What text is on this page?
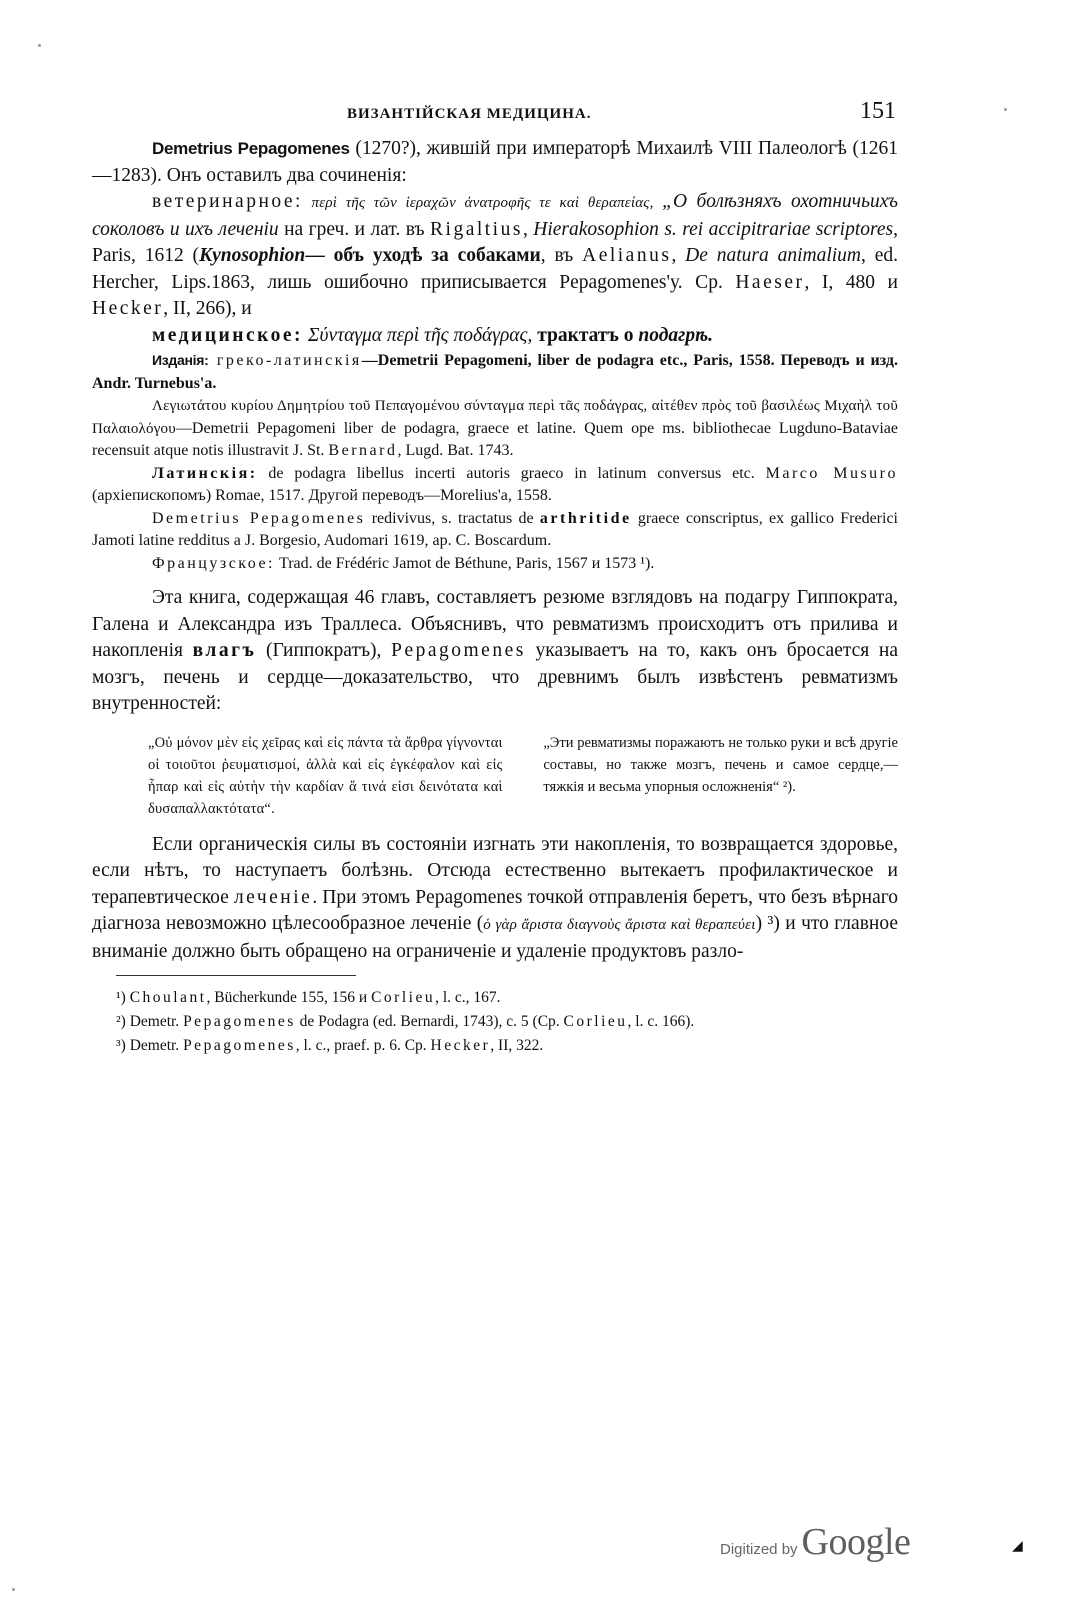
ВИЗАНТІЙСКАЯ МЕДИЦИНА.	151

Demetrius Pepagomenes (1270?), жившій при императорѣ Михаилѣ VIII Палеологѣ (1261—1283). Онъ оставилъ два сочиненія:

ветеринарное: περὶ τῆς τῶν ἱεραχῶν ἀνατροφῆς τε καὶ θεραπείας, „О болѣзняхъ охотничьихъ соколовъ и ихъ леченіи на греч. и лат. въ Rigaltius, Hierakosophion s. rei accipitrariae scriptores, Paris, 1612 (Kynosophion— объ уходѣ за собаками, въ Aelianus, De natura animalium, ed. Hercher, Lips.1863, лишь ошибочно приписывается Pepagomenes'у. Ср. Haeser, I, 480 и Hecker, II, 266), и

медицинское: Σύνταγμα περὶ τῆς ποδάγρας, трактатъ о подагрѣ.

Изданія: греко-латинскія—Demetrii Pepagomeni, liber de podagra etc., Paris, 1558. Переводъ и изд. Andr. Turnebus'a.

Λεγιωτάτου κυρίου Δημητρίου τοῦ Πεπαγομένου σύνταγμα περὶ τᾶς ποδάγρας, αἰτέθεν πρὸς τοῦ βασιλέως Μιχαὴλ τοῦ Παλαιολόγου—Demetrii Pepagomeni liber de podagra, graece et latine. Quem ope ms. bibliothecae Lugduno-Batavіae recensuit atque notis illustravit J. St. Bernard, Lugd. Bat. 1743.

Латинскія: de podagra libellus incerti autoris graeco in latinum conversus etc. Marco Musuro (архіепископомъ) Romae, 1517. Другой переводъ—Morelius'a, 1558.

Demetrius Pepagomenes redivivus, s. tractatus de arthritide graece conscriptus, ex gallico Frederici Jamoti latine redditus a J. Borgesio, Audomari 1619, ap. C. Boscardum.

Французское: Trad. de Frédéric Jamot de Béthune, Paris, 1567 и 1573 ¹).

Эта книга, содержащая 46 главъ, составляетъ резюме взглядовъ на подагру Гиппократа, Галена и Александра изъ Траллеса. Объяснивъ, что ревматизмъ происходитъ отъ прилива и накопленія влагъ (Гиппократъ), Pepagomenes указываетъ на то, какъ онъ бросается на мозгъ, печень и сердце—доказательство, что древнимъ былъ извѣстенъ ревматизмъ внутренностей:

„Οὐ μόνον μὲν εἰς χεῖρας καὶ εἰς πάντα τὰ ἄρθρα γίγνονται οἱ τοιοῦτοι ῥευματισμοί, ἀλλὰ καὶ εἰς ἐγκέφαλον καὶ εἰς ἧπαρ καὶ εἰς αὐτὴν τὴν καρδίαν ἅ τινά εἰσι δεινότατα καὶ δυσαπαλλακτότατα“.
„Эти ревматизмы поражаютъ не только руки и всѣ другіе составы, но также мозгъ, печень и самое сердце,— тяжкія и весьма упорныя осложненія“ ²).

Если органическія силы въ состояніи изгнать эти накопленія, то возвращается здоровье, если нѣтъ, то наступаетъ болѣзнь. Отсюда естественно вытекаетъ профилактическое и терапевтическое леченіе. При этомъ Pepagomenes точкой отправленія беретъ, что безъ вѣрнаго діагноза невозможно цѣлесообразное леченіе (ὁ γὰρ ἄριστα διαγνοὺς ἄριστα καὶ θεραπεύει) ³) и что главное вниманіе должно быть обращено на ограниченіе и удаленіе продуктовъ разло-

¹) Choulant, Bücherkunde 155, 156 и Corlieu, l. c., 167.

²) Demetr. Pepagomenes de Podagra (ed. Bernardi, 1743), c. 5 (Ср. Corlieu, l. c. 166).

³) Demetr. Pepagomenes, l. c., praef. p. 6. Ср. Hecker, II, 322.

Digitized by Google	◢
